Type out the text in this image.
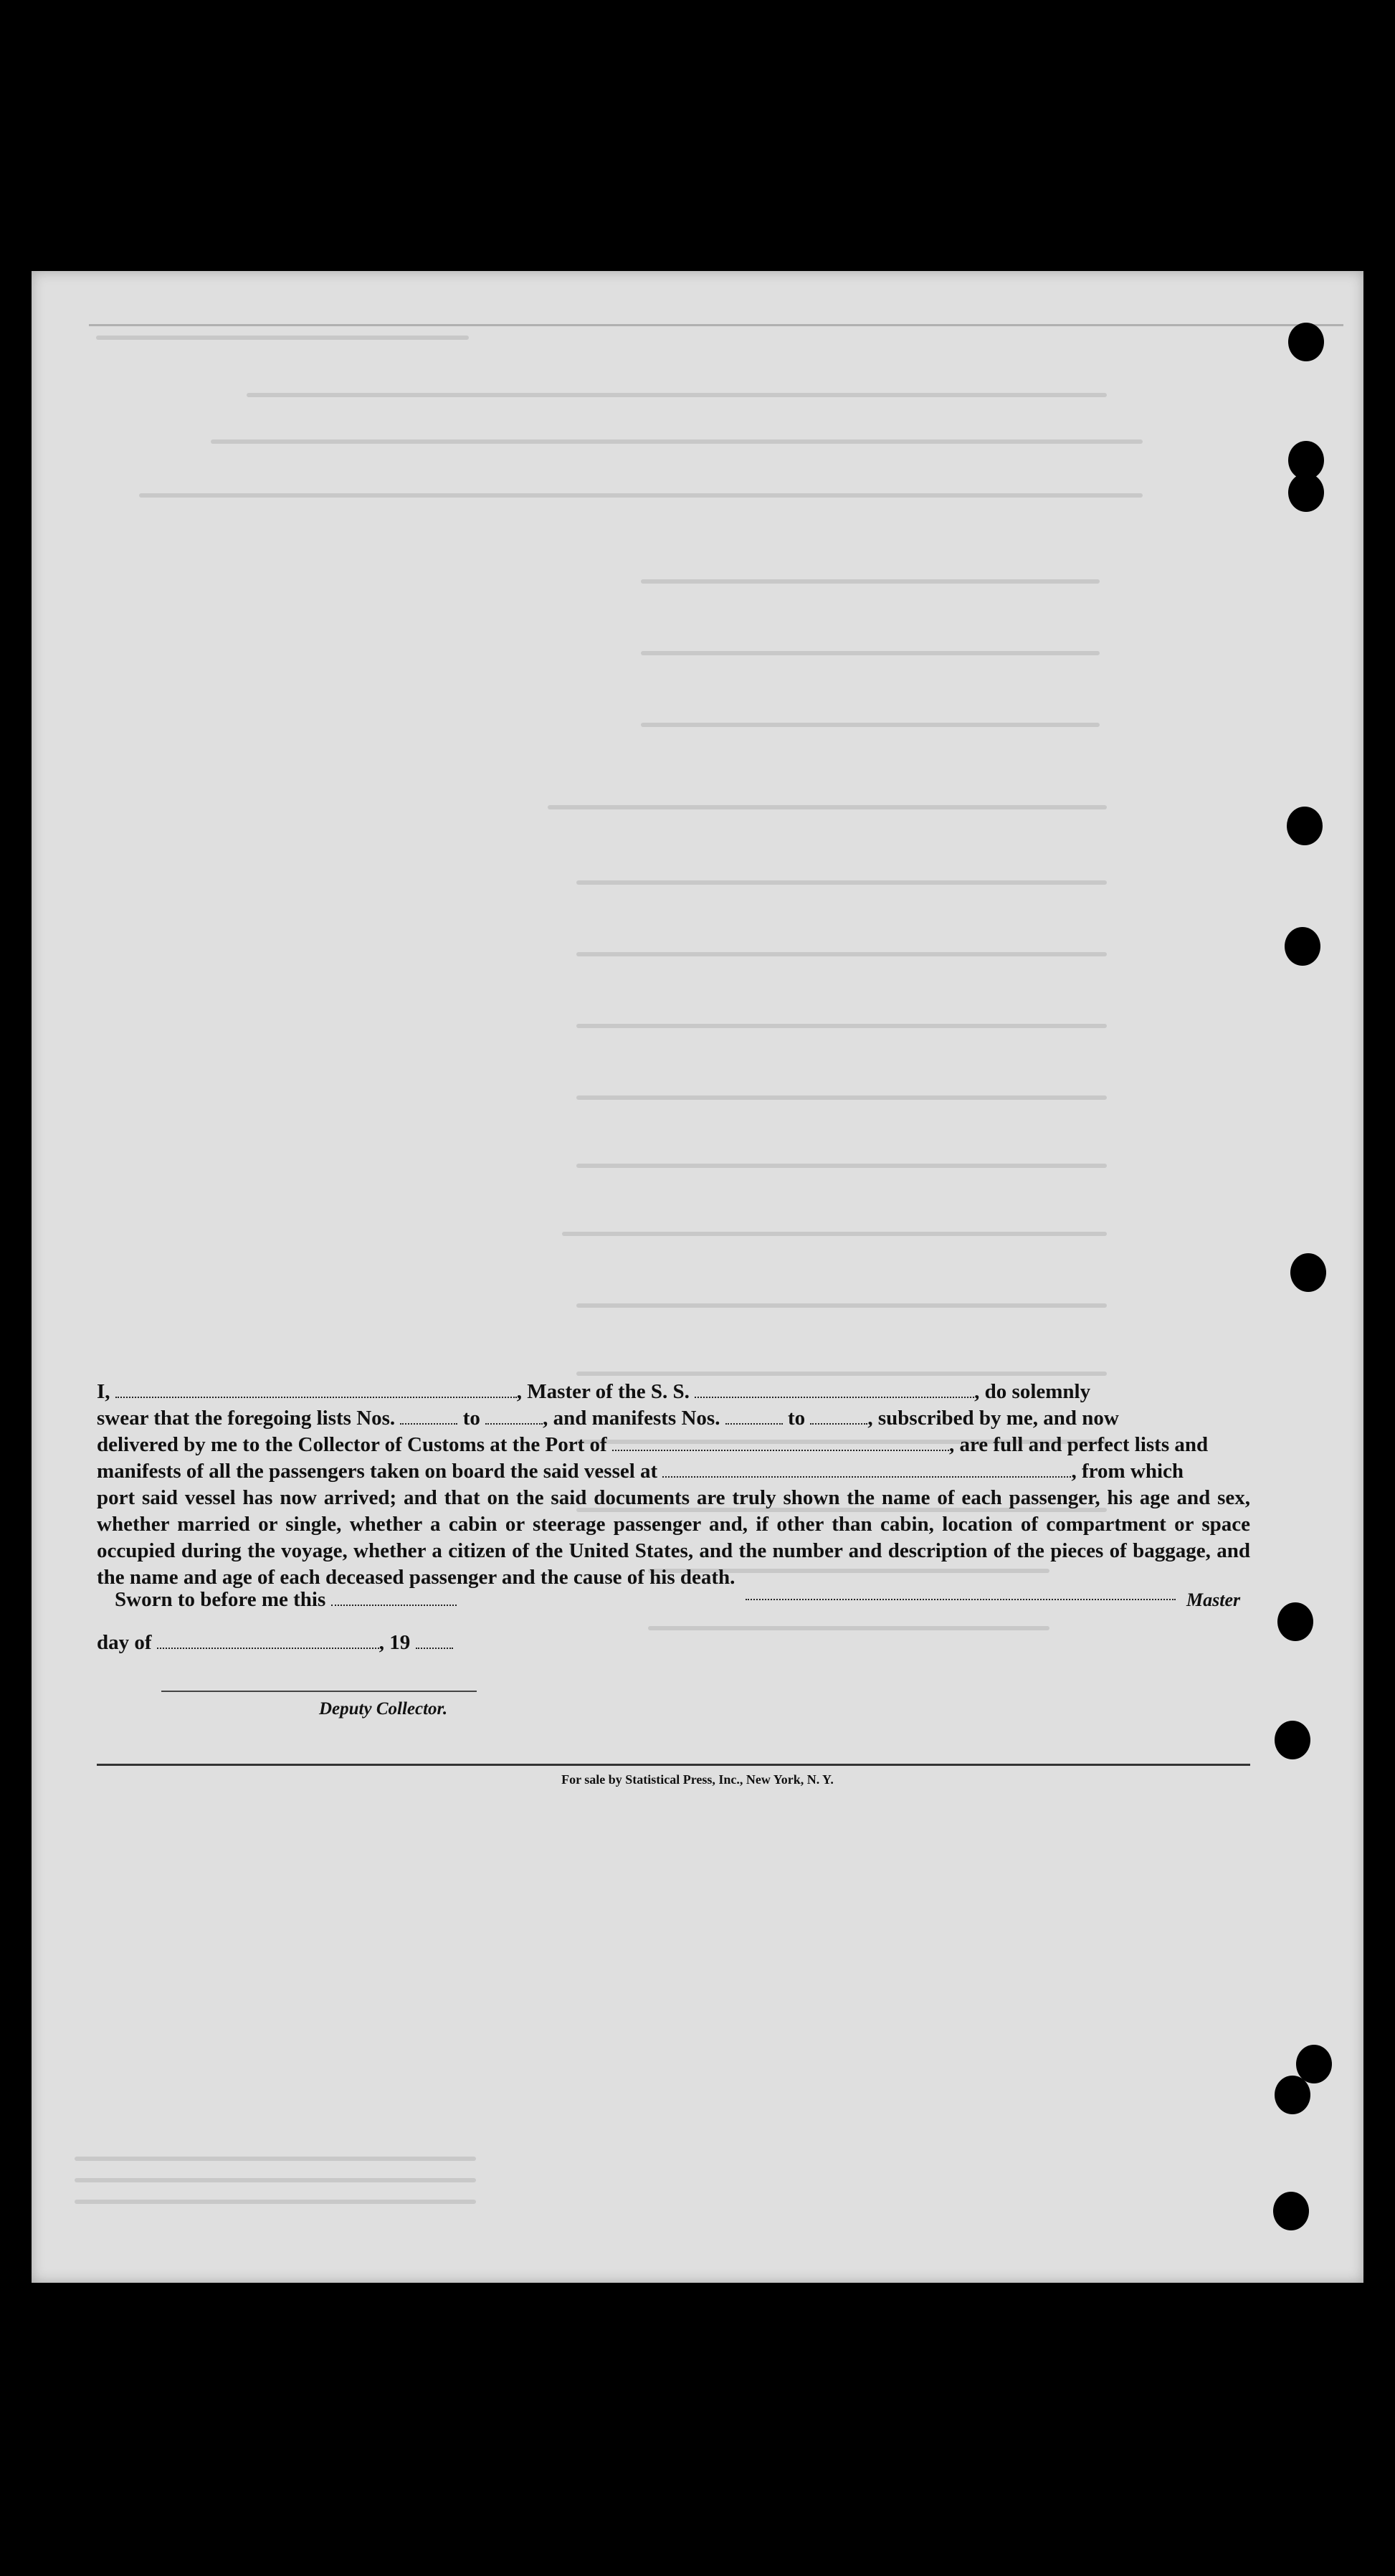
I,	, Master of the S. S.	, do solemnly

swear that the foregoing lists Nos.	to	, and manifests Nos.	to	, subscribed by me, and now

delivered by me to the Collector of Customs at the Port of	, are full and perfect lists and

manifests of all the passengers taken on board the said vessel at	, from which

port said vessel has now arrived; and that on the said documents are truly shown the name of each passenger, his age and sex, whether married or single, whether a cabin or steerage passenger and, if other than cabin, location of compartment or space occupied during the voyage, whether a citizen of the United States, and the number and description of the pieces of baggage, and the name and age of each deceased passenger and the cause of his death.

Sworn to before me this	Master
day of	, 19
Deputy Collector.
For sale by Statistical Press, Inc., New York, N. Y.
